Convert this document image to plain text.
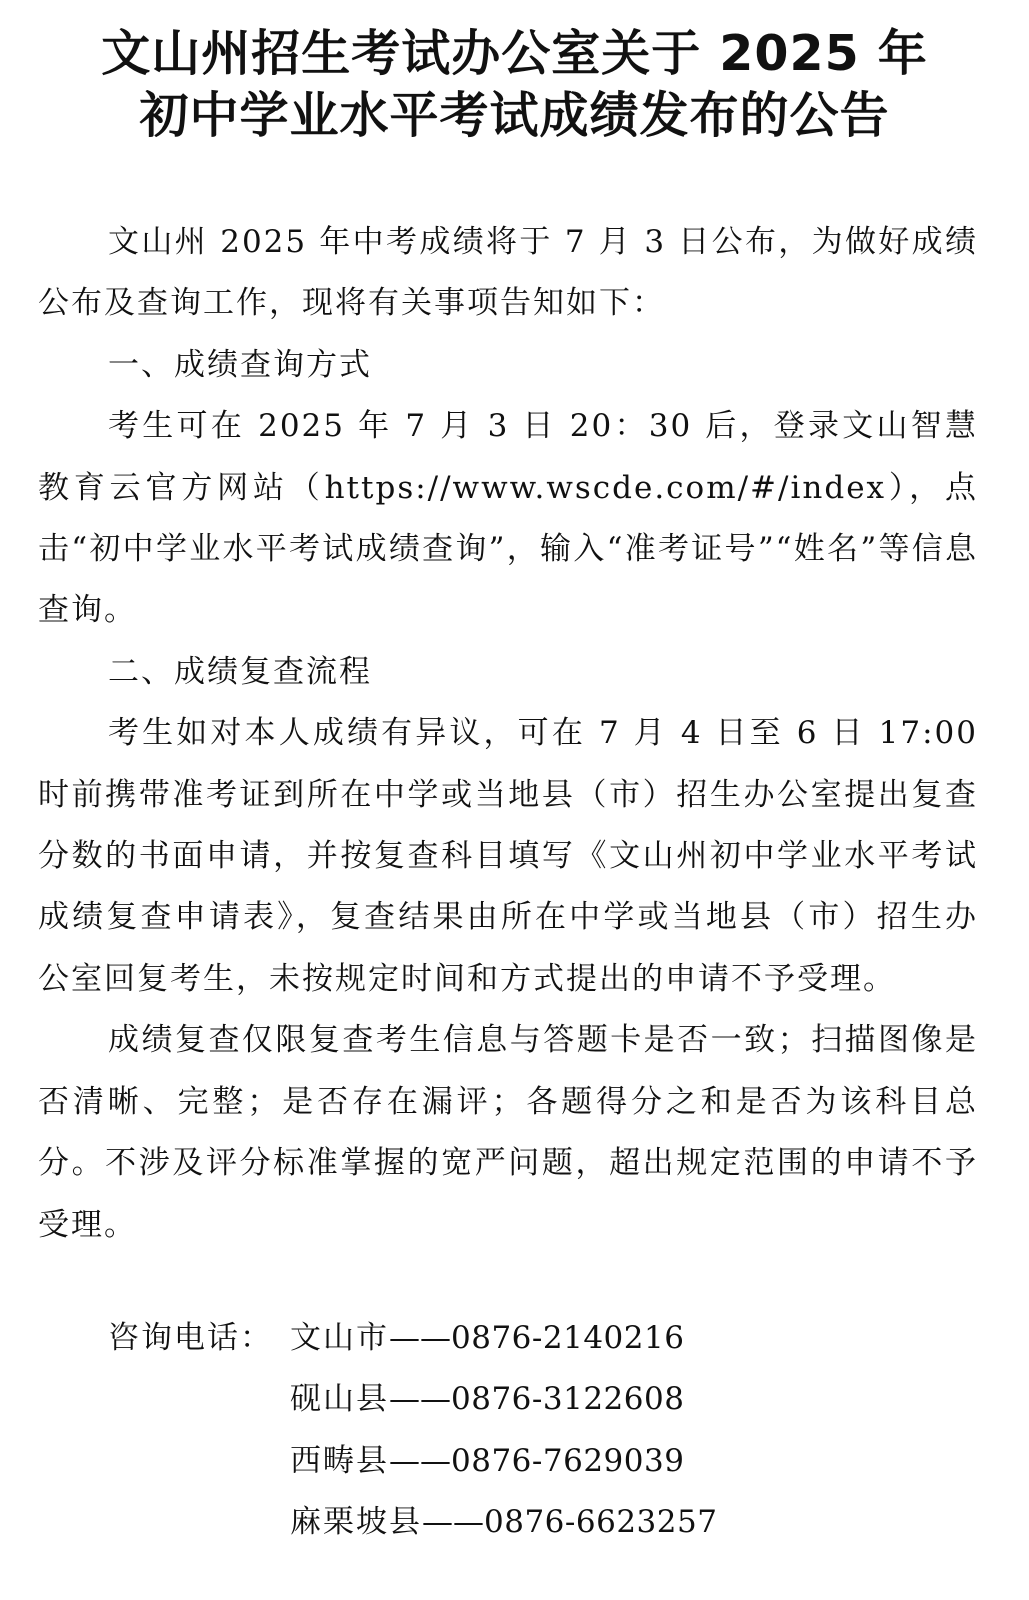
文山州招生考试办公室关于 2025 年
初中学业水平考试成绩发布的公告

文山州 2025 年中考成绩将于 7 月 3 日公布，为做好成绩公布及查询工作，现将有关事项告知如下：

一、成绩查询方式

考生可在 2025 年 7 月 3 日 20：30 后，登录文山智慧教育云官方网站（https://www.wscde.com/#/index），点击“初中学业水平考试成绩查询”，输入“准考证号”“姓名”等信息查询。

二、成绩复查流程

考生如对本人成绩有异议，可在 7 月 4 日至 6 日 17:00 时前携带准考证到所在中学或当地县（市）招生办公室提出复查分数的书面申请，并按复查科目填写《文山州初中学业水平考试成绩复查申请表》，复查结果由所在中学或当地县（市）招生办公室回复考生，未按规定时间和方式提出的申请不予受理。

成绩复查仅限复查考生信息与答题卡是否一致；扫描图像是否清晰、完整；是否存在漏评；各题得分之和是否为该科目总分。不涉及评分标准掌握的宽严问题，超出规定范围的申请不予受理。

咨询电话： 文山市 —— 0876-2140216
砚山县 —— 0876-3122608
西畴县 —— 0876-7629039
麻栗坡县 —— 0876-6623257
